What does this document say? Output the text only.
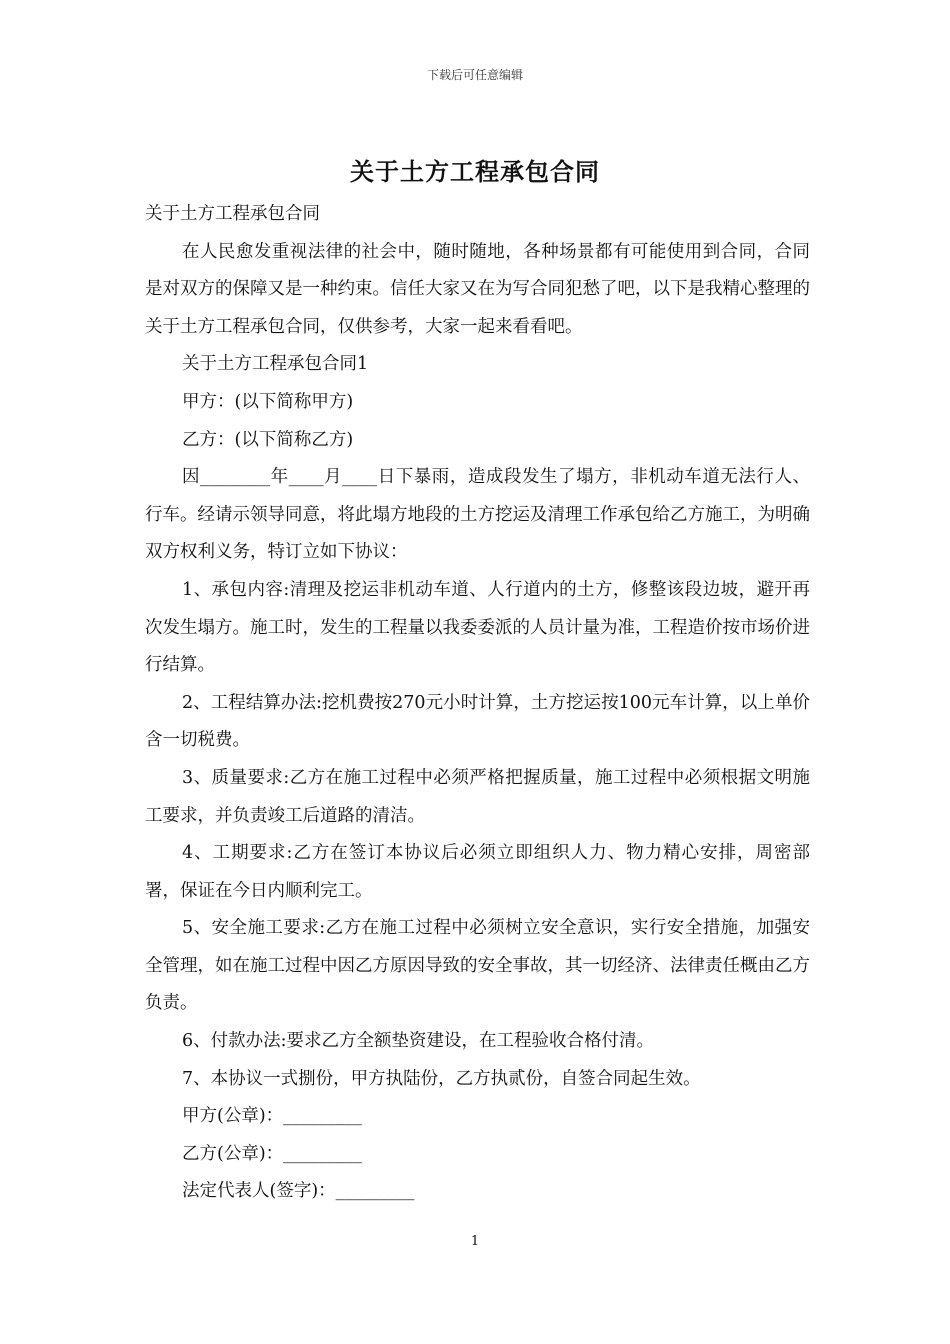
下载后可任意编辑
关于土方工程承包合同

关于土方工程承包合同

在人民愈发重视法律的社会中，随时随地，各种场景都有可能使用到合同，合同是对双方的保障又是一种约束。信任大家又在为写合同犯愁了吧，以下是我精心整理的关于土方工程承包合同，仅供参考，大家一起来看看吧。

关于土方工程承包合同1

甲方：(以下简称甲方)

乙方：(以下简称乙方)

因________年____月____日下暴雨，造成段发生了塌方，非机动车道无法行人、行车。经请示领导同意，将此塌方地段的土方挖运及清理工作承包给乙方施工，为明确双方权利义务，特订立如下协议：

1、承包内容:清理及挖运非机动车道、人行道内的土方，修整该段边坡，避开再次发生塌方。施工时，发生的工程量以我委委派的人员计量为准，工程造价按市场价进行结算。

2、工程结算办法:挖机费按270元小时计算，土方挖运按100元车计算，以上单价含一切税费。

3、质量要求:乙方在施工过程中必须严格把握质量，施工过程中必须根据文明施工要求，并负责竣工后道路的清洁。

4、工期要求:乙方在签订本协议后必须立即组织人力、物力精心安排，周密部署，保证在今日内顺利完工。

5、安全施工要求:乙方在施工过程中必须树立安全意识，实行安全措施，加强安全管理，如在施工过程中因乙方原因导致的安全事故，其一切经济、法律责任概由乙方负责。

6、付款办法:要求乙方全额垫资建设，在工程验收合格付清。

7、本协议一式捌份，甲方执陆份，乙方执贰份，自签合同起生效。

甲方(公章)：_________

乙方(公章)：_________

法定代表人(签字)：_________

1
